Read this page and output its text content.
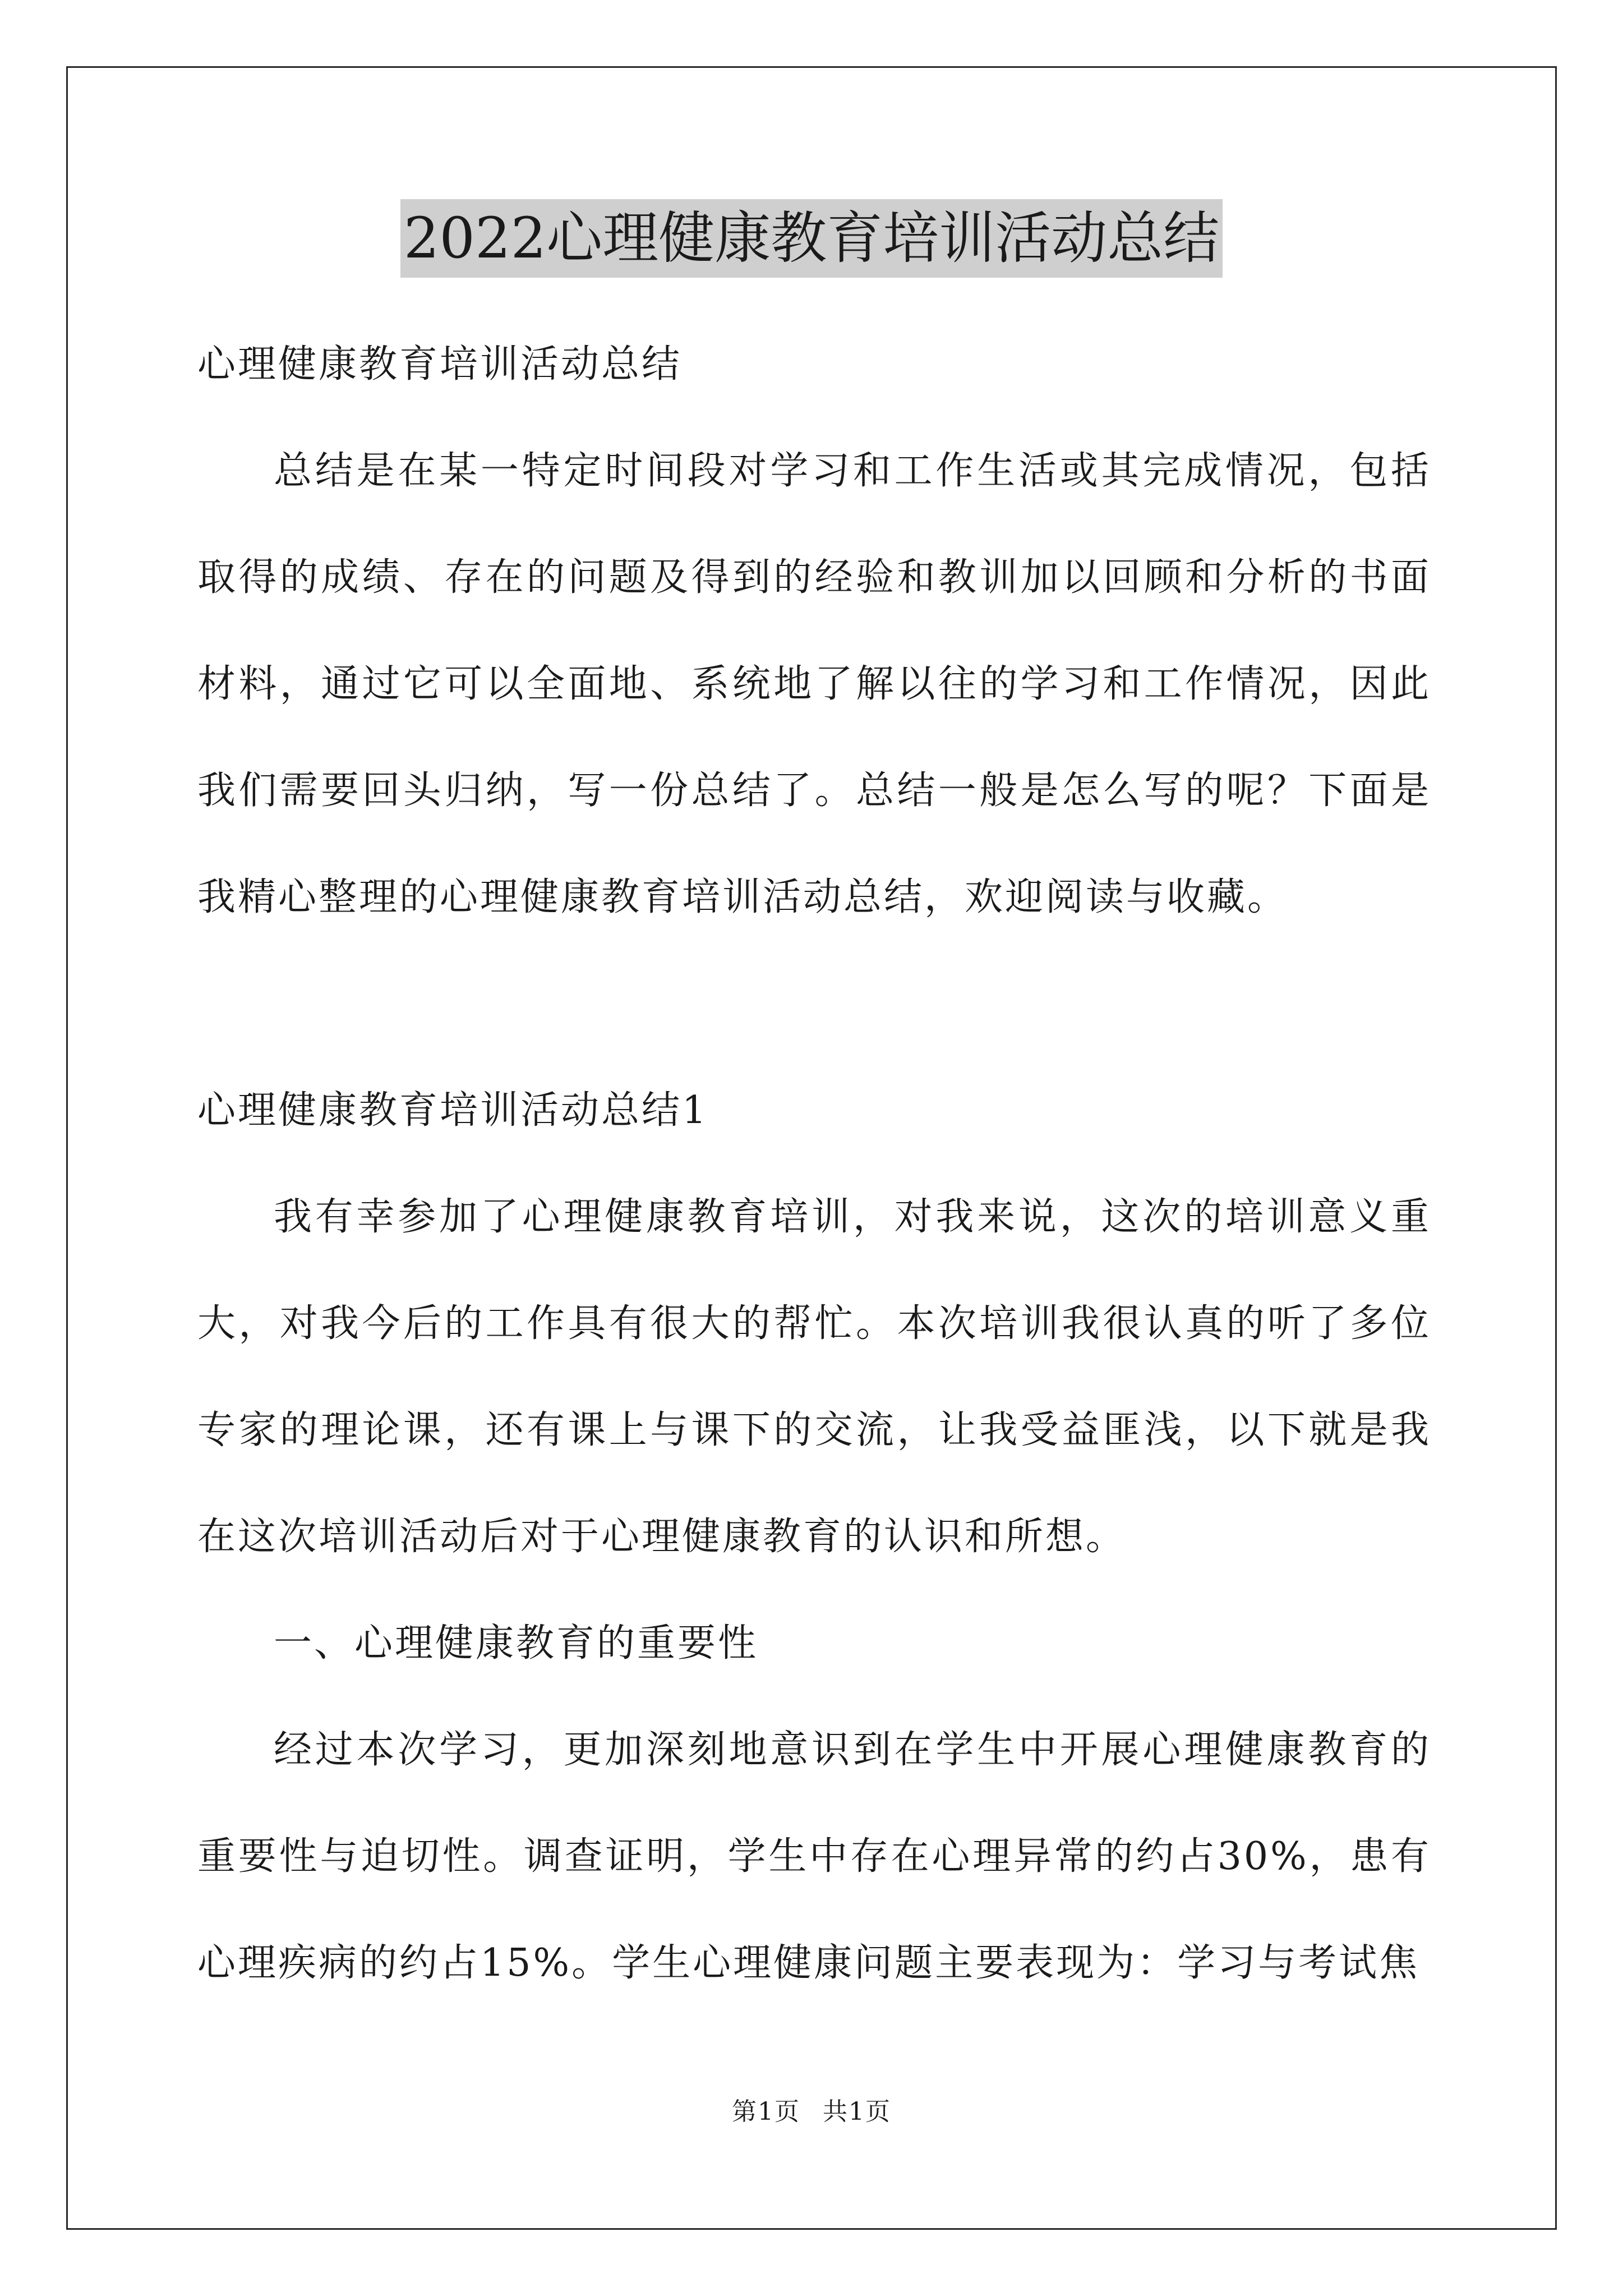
2022心理健康教育培训活动总结

心理健康教育培训活动总结

总结是在某一特定时间段对学习和工作生活或其完成情况，包括取得的成绩、存在的问题及得到的经验和教训加以回顾和分析的书面材料，通过它可以全面地、系统地了解以往的学习和工作情况，因此我们需要回头归纳，写一份总结了。总结一般是怎么写的呢？下面是我精心整理的心理健康教育培训活动总结，欢迎阅读与收藏。

心理健康教育培训活动总结1

我有幸参加了心理健康教育培训，对我来说，这次的培训意义重大，对我今后的工作具有很大的帮忙。本次培训我很认真的听了多位专家的理论课，还有课上与课下的交流，让我受益匪浅，以下就是我在这次培训活动后对于心理健康教育的认识和所想。

一、心理健康教育的重要性

经过本次学习，更加深刻地意识到在学生中开展心理健康教育的重要性与迫切性。调查证明，学生中存在心理异常的约占30%，患有心理疾病的约占15%。学生心理健康问题主要表现为：学习与考试焦

第1页 共1页
